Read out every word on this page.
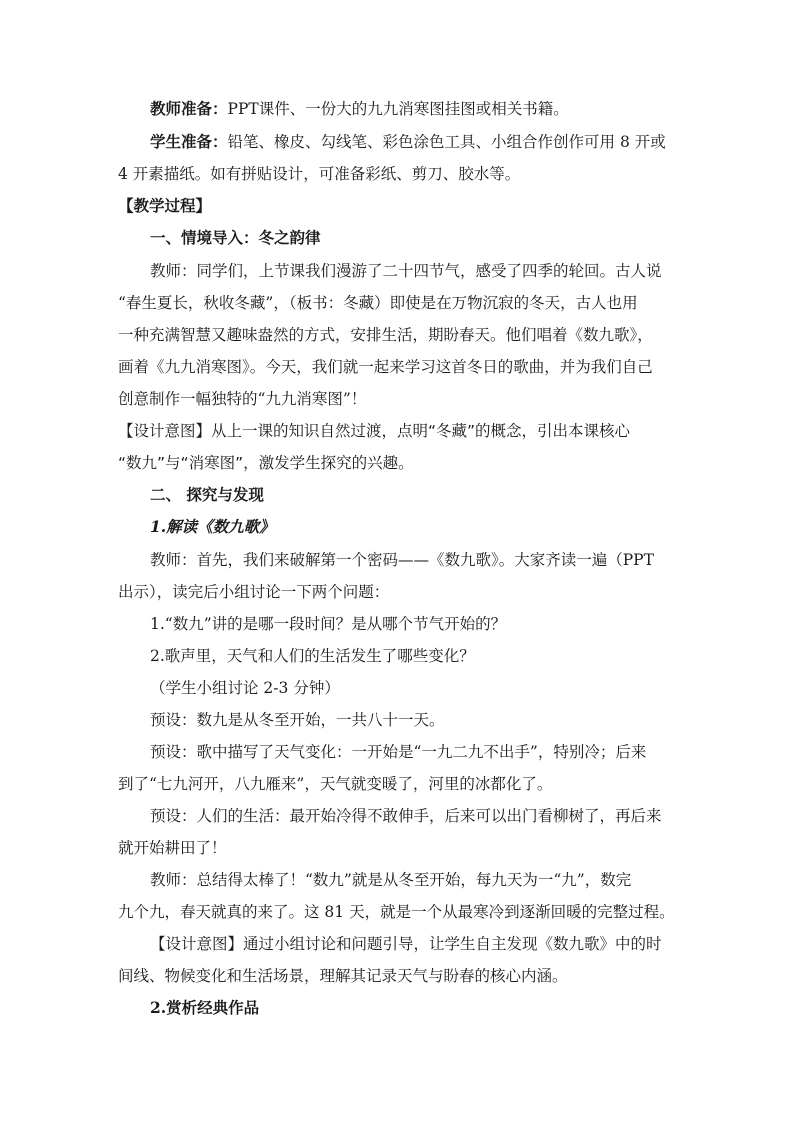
教师准备：PPT课件、一份大的九九消寒图挂图或相关书籍。
学生准备：铅笔、橡皮、勾线笔、彩色涂色工具、小组合作创作可用 8 开或
4 开素描纸。如有拼贴设计，可准备彩纸、剪刀、胶水等。
【教学过程】
一、情境导入：冬之韵律
教师：同学们，上节课我们漫游了二十四节气，感受了四季的轮回。古人说
“春生夏长，秋收冬藏”，（板书：冬藏）即使是在万物沉寂的冬天，古人也用
一种充满智慧又趣味盎然的方式，安排生活，期盼春天。他们唱着《数九歌》，
画着《九九消寒图》。今天，我们就一起来学习这首冬日的歌曲，并为我们自己
创意制作一幅独特的“九九消寒图”！
【设计意图】从上一课的知识自然过渡，点明“冬藏”的概念，引出本课核心
“数九”与“消寒图”，激发学生探究的兴趣。
二、 探究与发现
1.解读《数九歌》
教师：首先，我们来破解第一个密码——《数九歌》。大家齐读一遍（PPT
出示），读完后小组讨论一下两个问题：
1.“数九”讲的是哪一段时间？是从哪个节气开始的？
2.歌声里，天气和人们的生活发生了哪些变化？
（学生小组讨论 2-3 分钟）
预设：数九是从冬至开始，一共八十一天。
预设：歌中描写了天气变化：一开始是“一九二九不出手”，特别冷；后来
到了“七九河开，八九雁来”，天气就变暖了，河里的冰都化了。
预设：人们的生活：最开始冷得不敢伸手，后来可以出门看柳树了，再后来
就开始耕田了！
教师：总结得太棒了！“数九”就是从冬至开始，每九天为一“九”，数完
九个九，春天就真的来了。这 81 天，就是一个从最寒冷到逐渐回暖的完整过程。
【设计意图】通过小组讨论和问题引导，让学生自主发现《数九歌》中的时
间线、物候变化和生活场景，理解其记录天气与盼春的核心内涵。
2.赏析经典作品
